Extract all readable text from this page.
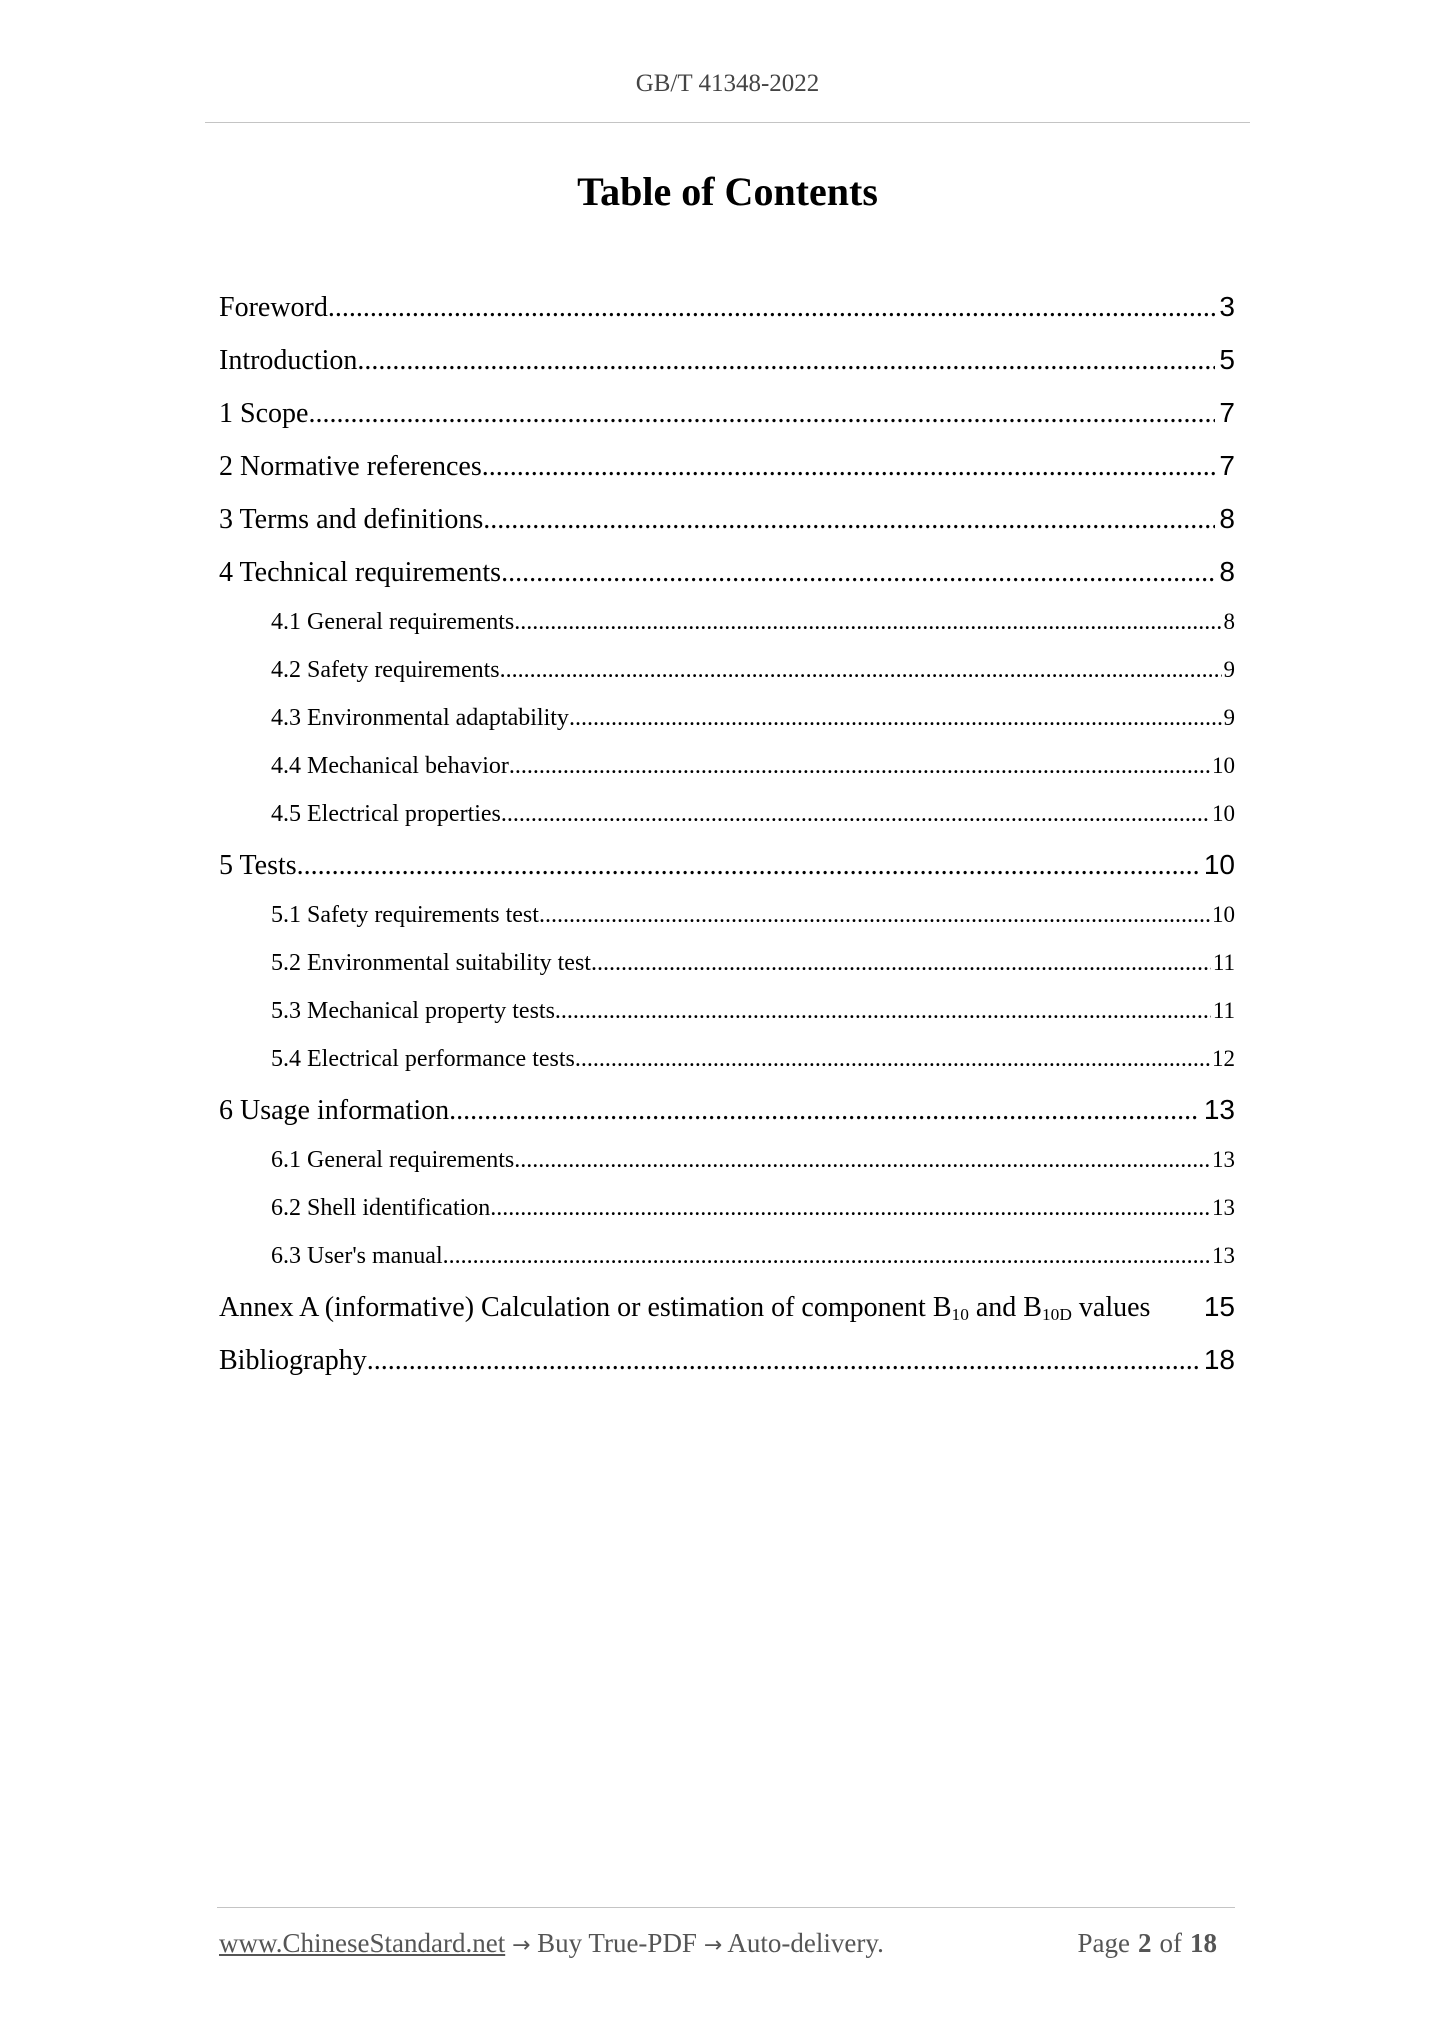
GB/T 41348-2022
Table of Contents
Foreword .....	3
Introduction .....	5
1 Scope .....	7
2 Normative references .....	7
3 Terms and definitions .....	8
4 Technical requirements .....	8
4.1 General requirements .....	8
4.2 Safety requirements .....	9
4.3 Environmental adaptability .....	9
4.4 Mechanical behavior .....	10
4.5 Electrical properties .....	10
5 Tests .....	10
5.1 Safety requirements test .....	10
5.2 Environmental suitability test .....	11
5.3 Mechanical property tests .....	11
5.4 Electrical performance tests .....	12
6 Usage information .....	13
6.1 General requirements .....	13
6.2 Shell identification .....	13
6.3 User's manual .....	13
Annex A (informative) Calculation or estimation of component $B_{10}$ and $B_{10D}$ values	15
Bibliography .....	18
www.ChineseStandard.net → Buy True-PDF → Auto-delivery.	Page 2 of 18
